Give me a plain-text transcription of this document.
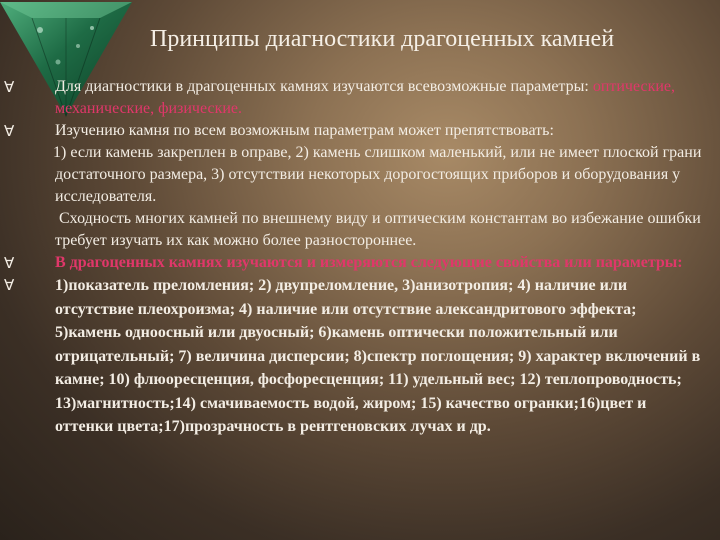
Принципы диагностики драгоценных камней
∀	Для диагностики в драгоценных камнях изучаются всевозможные параметры: оптические, механические, физические.
∀	Изучению камня по всем возможным параметрам может препятствовать:
1) если камень закреплен в оправе, 2) камень слишком маленький, или не имеет плоской грани достаточного размера, 3) отсутствии некоторых дорогостоящих приборов и оборудования у исследователя.
Сходность многих камней по внешнему виду и оптическим константам во избежание ошибки требует изучать их как можно более разностороннее.
∀	В драгоценных камнях изучаются и измеряются следующие свойства или параметры:
∀	1)показатель преломления; 2) двупреломление, 3)анизотропия; 4) наличие или отсутствие плеохроизма; 4) наличие или отсутствие александритового эффекта; 5)камень одноосный или двуосный; 6)камень оптически положительный или отрицательный; 7) величина дисперсии; 8)спектр поглощения; 9) характер включений в камне; 10) флюоресценция, фосфоресценция; 11) удельный вес; 12) теплопроводность; 13)магнитность;14) смачиваемость водой, жиром; 15) качество огранки;16)цвет и оттенки цвета;17)прозрачность в рентгеновских лучах и др.
